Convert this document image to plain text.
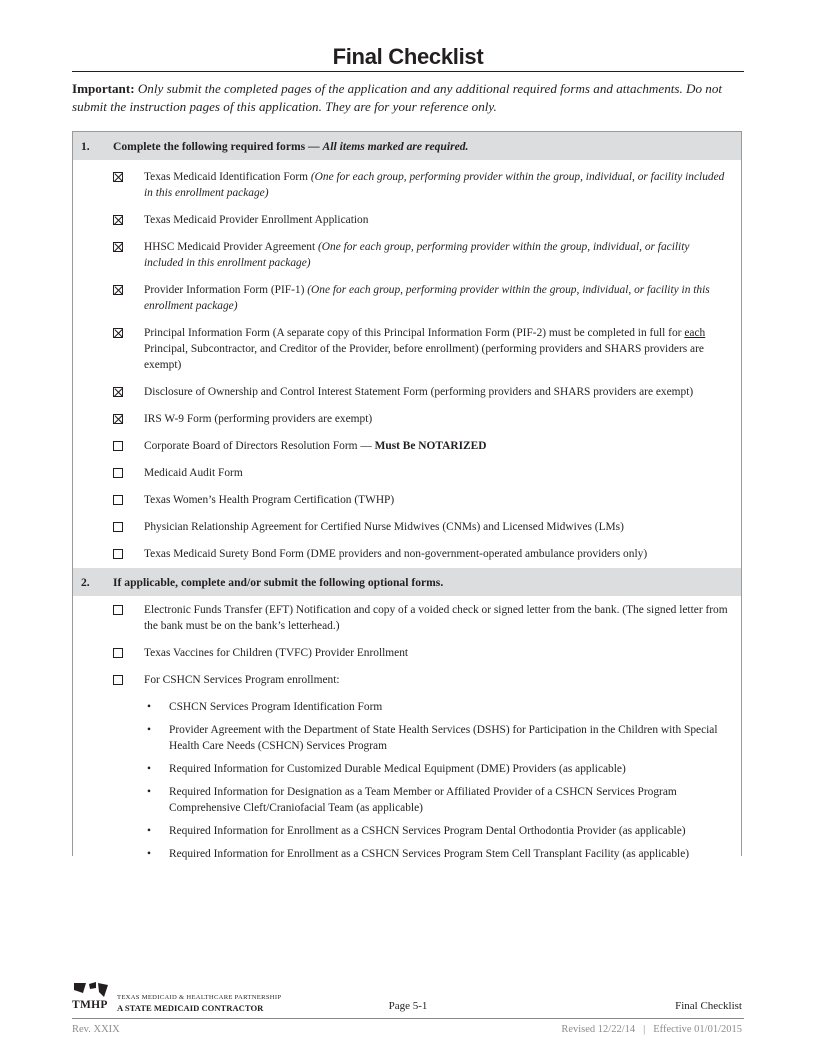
Final Checklist

Important: Only submit the completed pages of the application and any additional required forms and attachments. Do not submit the instruction pages of this application. They are for your reference only.

1.	Complete the following required forms — All items marked are required.
Texas Medicaid Identification Form (One for each group, performing provider within the group, individual, or facility included in this enrollment package)
Texas Medicaid Provider Enrollment Application
HHSC Medicaid Provider Agreement (One for each group, performing provider within the group, individual, or facility included in this enrollment package)
Provider Information Form (PIF-1) (One for each group, performing provider within the group, individual, or facility in this enrollment package)
Principal Information Form (A separate copy of this Principal Information Form (PIF-2) must be completed in full for each Principal, Subcontractor, and Creditor of the Provider, before enrollment) (performing providers and SHARS providers are exempt)
Disclosure of Ownership and Control Interest Statement Form (performing providers and SHARS providers are exempt)
IRS W-9 Form (performing providers are exempt)
Corporate Board of Directors Resolution Form — Must Be NOTARIZED
Medicaid Audit Form
Texas Women’s Health Program Certification (TWHP)
Physician Relationship Agreement for Certified Nurse Midwives (CNMs) and Licensed Midwives (LMs)
Texas Medicaid Surety Bond Form (DME providers and non-government-operated ambulance providers only)
2.	If applicable, complete and/or submit the following optional forms.
Electronic Funds Transfer (EFT) Notification and copy of a voided check or signed letter from the bank. (The signed letter from the bank must be on the bank’s letterhead.)
Texas Vaccines for Children (TVFC) Provider Enrollment
For CSHCN Services Program enrollment:
• CSHCN Services Program Identification Form
• Provider Agreement with the Department of State Health Services (DSHS) for Participation in the Children with Special Health Care Needs (CSHCN) Services Program
• Required Information for Customized Durable Medical Equipment (DME) Providers (as applicable)
• Required Information for Designation as a Team Member or Affiliated Provider of a CSHCN Services Program Comprehensive Cleft/Craniofacial Team (as applicable)
• Required Information for Enrollment as a CSHCN Services Program Dental Orthodontia Provider (as applicable)
• Required Information for Enrollment as a CSHCN Services Program Stem Cell Transplant Facility (as applicable)
TMHP
TEXAS MEDICAID & HEALTHCARE PARTNERSHIP
A STATE MEDICAID CONTRACTOR	Page 5-1	Final Checklist
Rev. XXIX	Revised 12/22/14 | Effective 01/01/2015
